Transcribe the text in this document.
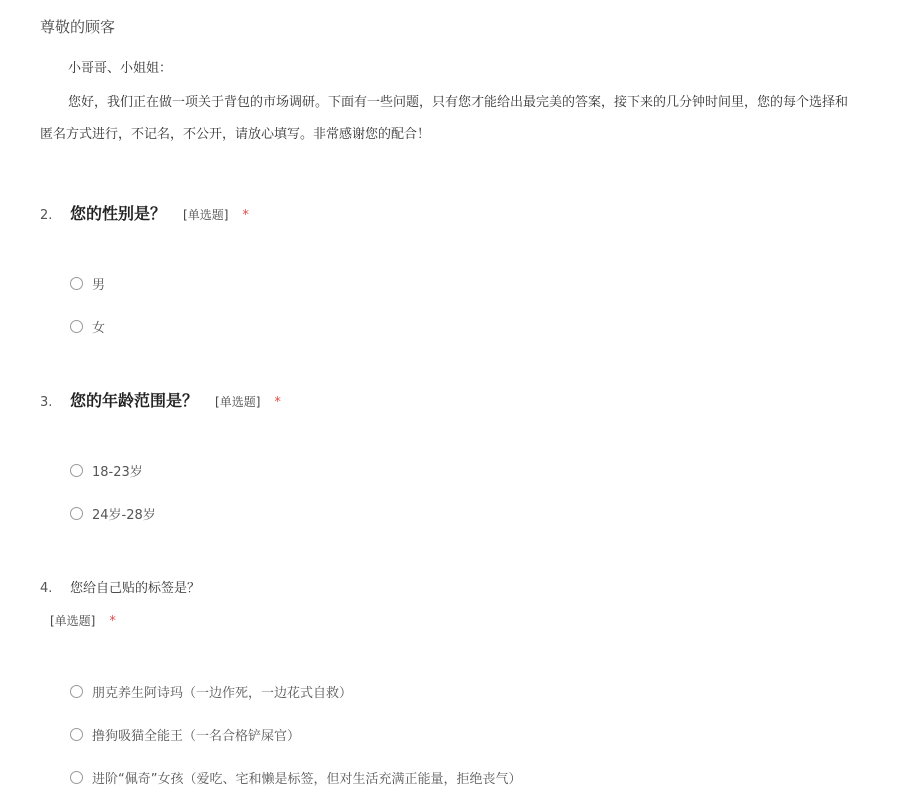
尊敬的顾客
小哥哥、小姐姐：
您好，我们正在做一项关于背包的市场调研。下面有一些问题，只有您才能给出最完美的答案，接下来的几分钟时间里，您的每个选择和
匿名方式进行，不记名，不公开，请放心填写。非常感谢您的配合！
2.	您的性别是？ [单选题] *
男
女
3.	您的年龄范围是？ [单选题] *
18-23岁
24岁-28岁
4.	您给自己贴的标签是？
[单选题] *
朋克养生阿诗玛（一边作死，一边花式自救）
撸狗吸猫全能王（一名合格铲屎官）
进阶“佩奇”女孩（爱吃、宅和懒是标签，但对生活充满正能量，拒绝丧气）
